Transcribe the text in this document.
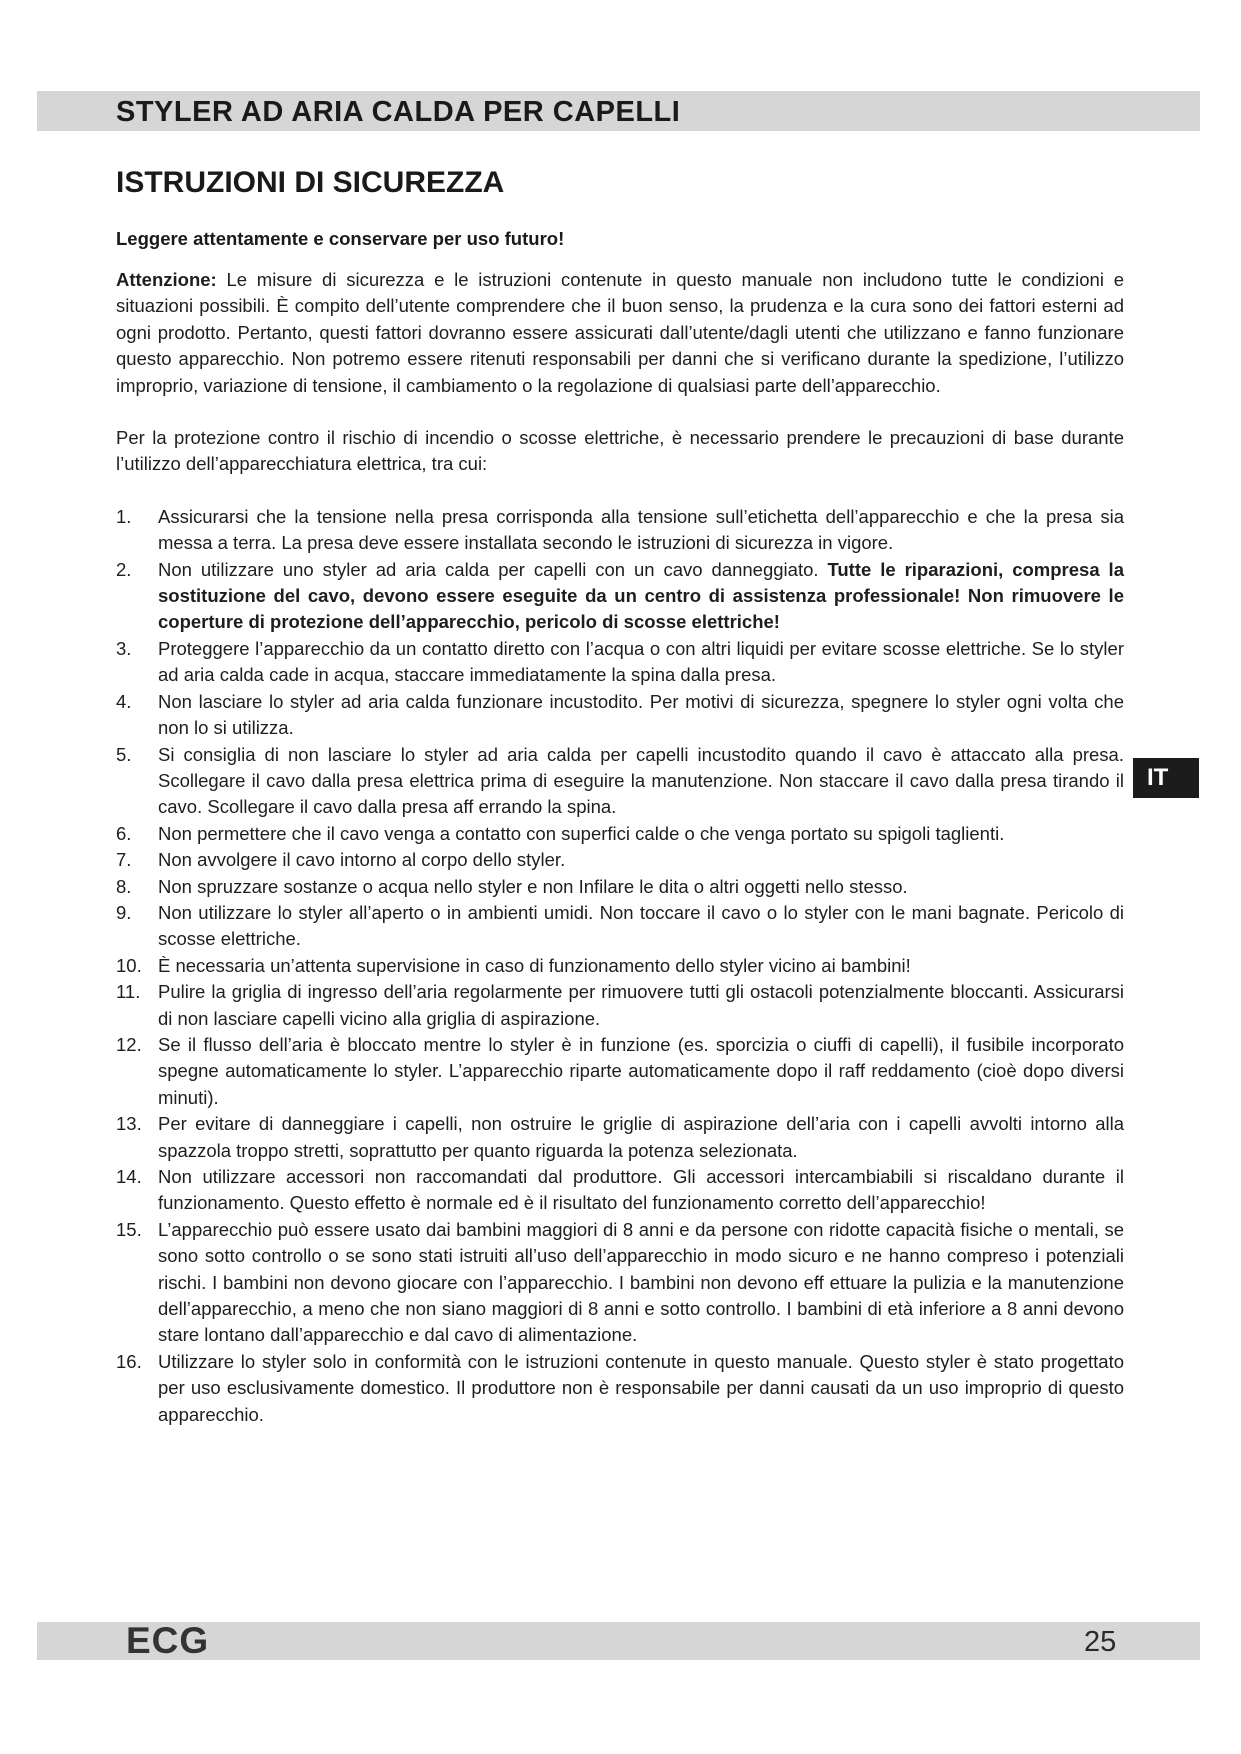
STYLER AD ARIA CALDA PER CAPELLI
ISTRUZIONI DI SICUREZZA

Leggere attentamente e conservare per uso futuro!

Attenzione: Le misure di sicurezza e le istruzioni contenute in questo manuale non includono tutte le condizioni e situazioni possibili. È compito dell’utente comprendere che il buon senso, la prudenza e la cura sono dei fattori esterni ad ogni prodotto. Pertanto, questi fattori dovranno essere assicurati dall’utente/dagli utenti che utilizzano e fanno funzionare questo apparecchio. Non potremo essere ritenuti responsabili per danni che si verificano durante la spedizione, l’utilizzo improprio, variazione di tensione, il cambiamento o la regolazione di qualsiasi parte dell’apparecchio.

Per la protezione contro il rischio di incendio o scosse elettriche, è necessario prendere le precauzioni di base durante l’utilizzo dell’apparecchiatura elettrica, tra cui:

1. Assicurarsi che la tensione nella presa corrisponda alla tensione sull’etichetta dell’apparecchio e che la presa sia messa a terra. La presa deve essere installata secondo le istruzioni di sicurezza in vigore.
2. Non utilizzare uno styler ad aria calda per capelli con un cavo danneggiato. Tutte le riparazioni, compresa la sostituzione del cavo, devono essere eseguite da un centro di assistenza professionale! Non rimuovere le coperture di protezione dell’apparecchio, pericolo di scosse elettriche!
3. Proteggere l’apparecchio da un contatto diretto con l’acqua o con altri liquidi per evitare scosse elettriche. Se lo styler ad aria calda cade in acqua, staccare immediatamente la spina dalla presa.
4. Non lasciare lo styler ad aria calda funzionare incustodito. Per motivi di sicurezza, spegnere lo styler ogni volta che non lo si utilizza.
5. Si consiglia di non lasciare lo styler ad aria calda per capelli incustodito quando il cavo è attaccato alla presa. Scollegare il cavo dalla presa elettrica prima di eseguire la manutenzione. Non staccare il cavo dalla presa tirando il cavo. Scollegare il cavo dalla presa aff errando la spina.
6. Non permettere che il cavo venga a contatto con superfici calde o che venga portato su spigoli taglienti.
7. Non avvolgere il cavo intorno al corpo dello styler.
8. Non spruzzare sostanze o acqua nello styler e non Infilare le dita o altri oggetti nello stesso.
9. Non utilizzare lo styler all’aperto o in ambienti umidi. Non toccare il cavo o lo styler con le mani bagnate. Pericolo di scosse elettriche.
10. È necessaria un’attenta supervisione in caso di funzionamento dello styler vicino ai bambini!
11. Pulire la griglia di ingresso dell’aria regolarmente per rimuovere tutti gli ostacoli potenzialmente bloccanti. Assicurarsi di non lasciare capelli vicino alla griglia di aspirazione.
12. Se il flusso dell’aria è bloccato mentre lo styler è in funzione (es. sporcizia o ciuffi di capelli), il fusibile incorporato spegne automaticamente lo styler. L’apparecchio riparte automaticamente dopo il raff reddamento (cioè dopo diversi minuti).
13. Per evitare di danneggiare i capelli, non ostruire le griglie di aspirazione dell’aria con i capelli avvolti intorno alla spazzola troppo stretti, soprattutto per quanto riguarda la potenza selezionata.
14. Non utilizzare accessori non raccomandati dal produttore. Gli accessori intercambiabili si riscaldano durante il funzionamento. Questo effetto è normale ed è il risultato del funzionamento corretto dell’apparecchio!
15. L’apparecchio può essere usato dai bambini maggiori di 8 anni e da persone con ridotte capacità fisiche o mentali, se sono sotto controllo o se sono stati istruiti all’uso dell’apparecchio in modo sicuro e ne hanno compreso i potenziali rischi. I bambini non devono giocare con l’apparecchio. I bambini non devono eff ettuare la pulizia e la manutenzione dell’apparecchio, a meno che non siano maggiori di 8 anni e sotto controllo. I bambini di età inferiore a 8 anni devono stare lontano dall’apparecchio e dal cavo di alimentazione.
16. Utilizzare lo styler solo in conformità con le istruzioni contenute in questo manuale. Questo styler è stato progettato per uso esclusivamente domestico. Il produttore non è responsabile per danni causati da un uso improprio di questo apparecchio.
IT
ECG	25
